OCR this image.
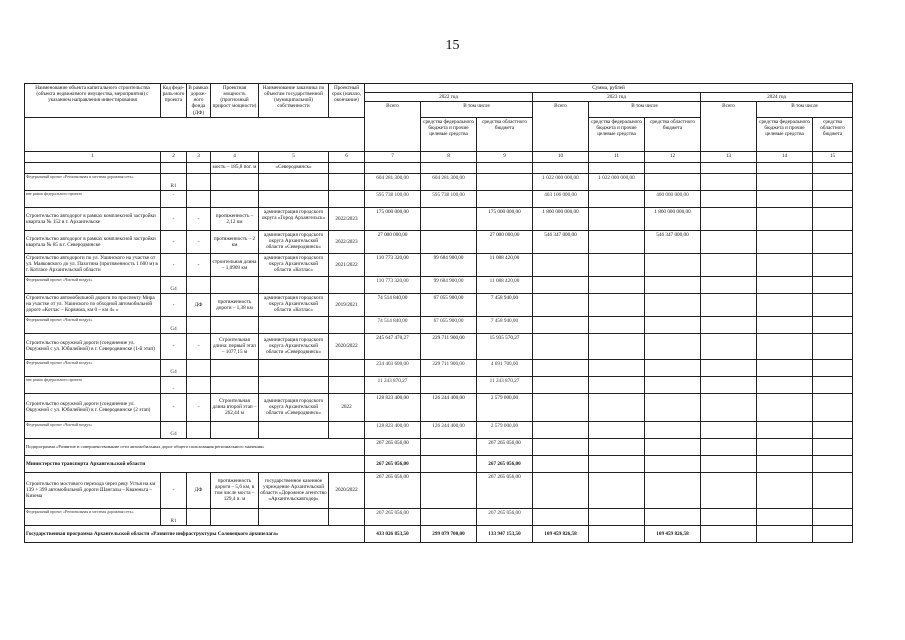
15
Наименование объекта капитального строительства (объекта недвижимого имущества, мероприятия) с указанием направления инвестирования	Код феде-раль-ного проекта	В рамках дорож-ного фонда (ДФ)	Проектная мощность (прогнозный прирост мощности)	Наименование заказчика по объектам государственной (муниципальной) собственности	Проектный срок (начало, окончание)	Сумма, рублей								
						2022 год			2023 год			2024 год		
						Всего	В том числе		Всего	В том числе		Всего	В том числе	
							средства федерального бюджета и прочие целевые средства	средства областного бюджета		средства федерального бюджета и прочие целевые средства	средства областного бюджета		средства федерального бюджета и прочие целевые средства	средства областного бюджета
1	2	3	4	5	6	7	8	9	10	11	12	13	14	15
			мость – 185,8 пог. м	«Северодвинск»										
Федеральный проект «Региональная и местная дорожная сеть»	R1					604 281 300,00	604 281 300,00		1 022 000 000,00	1 022 000 000,00				
вне рамок федерального проекта	-					595 738 100,00	595 738 100,00		403 106 000,00		400 000 000,00			
Строительство автодорог в рамках комплексной застройки квартала № 152 в г. Архангельске	-	-	протяженность – 2,12 км	администрация городского округа «Город Архангельск»	2022/2023	175 000 000,00		175 000 000,00	1 860 000 000,00		1 860 000 000,00			
Строительство автодорог в рамках комплексной застройки квартала № 85 в г. Северодвинске	-	-	протяженность – 2 км	администрация городского округа Архангельской области «Северодвинск»	2022/2023	27 000 000,00		27 000 000,00	546 347 000,00		546 347 000,00			
Строительство автодороги по ул. Ушинского на участке от ул. Маяковского до ул. Пахотина (протяженность 1 600 м) в г. Котласе Архангельской области	-	-	строительная длина – 1,0909 км	администрация городского округа Архангельской области «Котлас»	2021/2022	110 773 320,00	99 684 900,00	11 088 420,00						
Федеральный проект «Чистый воздух»	G4					110 773 320,00	99 684 900,00	11 088 420,00						
Строительство автомобильной дороги по проспекту Мира на участке от ул. Ушинского по обходной автомобильной дороге «Котлас – Коряжма, км 0 – км 4» «	-	ДФ	протяженность дороги – 1,38 км	администрация городского округа Архангельской области «Котлас»	2019/2021	74 514 840,00	67 055 900,00	7 458 940,00						
Федеральный проект «Чистый воздух»	G4					74 514 840,00	67 055 900,00	7 458 940,00						
Строительство окружной дороги (соединение ул. Окружной с ул. Юбилейной) в г. Северодвинске (1-й этап)	-	-	Строительная длина: первый этап – 1077,15 м	администрация городского округа Архангельской области «Северодвинск»	2020/2022	245 647 470,27	229 711 900,00	15 935 570,27						
Федеральный проект «Чистый воздух»	G4					234 403 600,00	229 711 900,00	4 691 700,00						
вне рамок федерального проекта	-					11 243 870,27		11 243 870,27						
Строительство окружной дороги (соединение ул. Окружной с ул. Юбилейной) в г. Северодвинске (2 этап)	-	-	Строительная длина второй этап – 262,44 м	администрация городского округа Архангельской области «Северодвинск»	2022	128 823 400,00	126 244 400,00	2 579 000,00						
Федеральный проект «Чистый воздух»	G4					128 823 400,00	126 244 400,00	2 579 000,00						
Подпрограмма «Развитие и совершенствование сети автомобильных дорог общего пользования регионального значения»						267 265 056,00		267 265 056,00						
Министерство транспорта Архангельской области						267 265 056,00		267 265 056,00						
Строительство мостового перехода через реку Устья на км 139 + 399 автомобильной дороги Шангалы – Квазеньга – Кизема	-	ДФ	протяженность дороги – 5,6 км, в том числе моста – 129,4 п. м	государственное казенное учреждение Архангельской области «Дорожное агентство «Архангельскавтодор»	2020/2022	267 265 056,00		267 265 056,00						
Федеральный проект «Региональная и местная дорожная сеть»	R1					267 265 056,00		267 265 056,00						
Государственная программа Архангельской области «Развитие инфраструктуры Соловецкого архипелага»						433 026 853,50	299 079 700,00	133 947 153,50	109 459 826,58		109 459 826,58			
